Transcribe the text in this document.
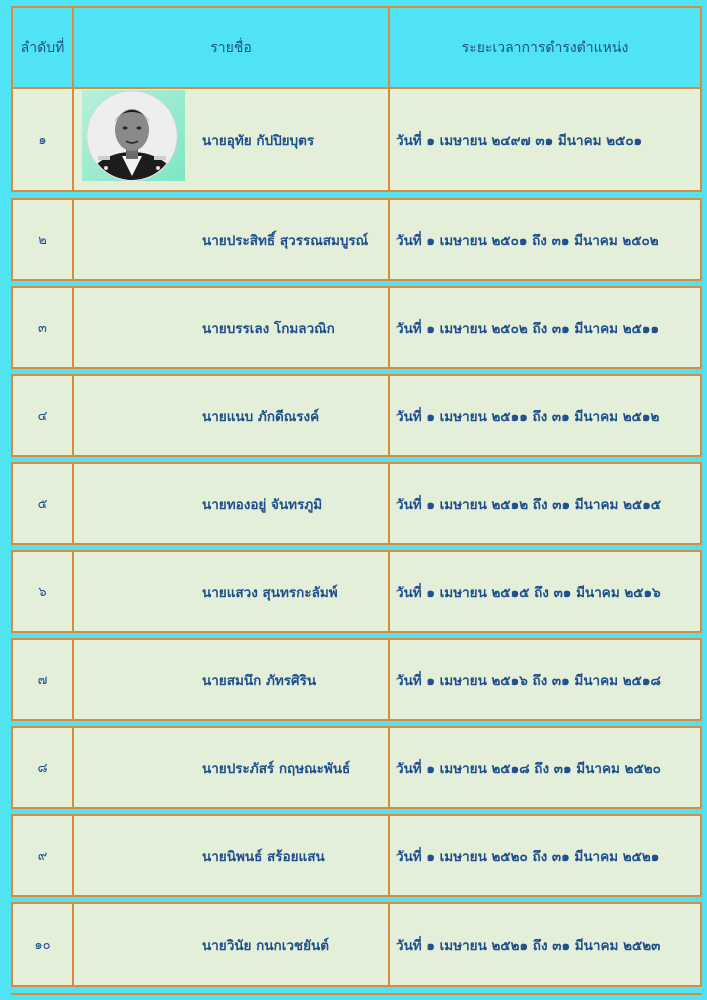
ลำดับที่	รายชื่อ	ระยะเวลาการดำรงตำแหน่ง
๑	นายอุทัย กัปปิยบุตร	วันที่ ๑ เมษายน ๒๔๙๗ ๓๑ มีนาคม ๒๕๐๑
๒	นายประสิทธิ์ สุวรรณสมบูรณ์	วันที่ ๑ เมษายน ๒๕๐๑ ถึง ๓๑ มีนาคม ๒๕๐๒
๓	นายบรรเลง โกมลวณิก	วันที่ ๑ เมษายน ๒๕๐๒ ถึง ๓๑ มีนาคม ๒๕๑๑
๔	นายแนบ ภักดีณรงค์	วันที่ ๑ เมษายน ๒๕๑๑ ถึง ๓๑ มีนาคม ๒๕๑๒
๕	นายทองอยู่ จันทรภูมิ	วันที่ ๑ เมษายน ๒๕๑๒ ถึง ๓๑ มีนาคม ๒๕๑๕
๖	นายแสวง สุนทรกะลัมพ์	วันที่ ๑ เมษายน ๒๕๑๕ ถึง ๓๑ มีนาคม ๒๕๑๖
๗	นายสมนึก ภัทรศิริน	วันที่ ๑ เมษายน ๒๕๑๖ ถึง ๓๑ มีนาคม ๒๕๑๘
๘	นายประภัสร์ กฤษณะพันธ์	วันที่ ๑ เมษายน ๒๕๑๘ ถึง ๓๑ มีนาคม ๒๕๒๐
๙	นายนิพนธ์ สร้อยแสน	วันที่ ๑ เมษายน ๒๕๒๐ ถึง ๓๑ มีนาคม ๒๕๒๑
๑๐	นายวินัย กนกเวชยันต์	วันที่ ๑ เมษายน ๒๕๒๑ ถึง ๓๑ มีนาคม ๒๕๒๓
